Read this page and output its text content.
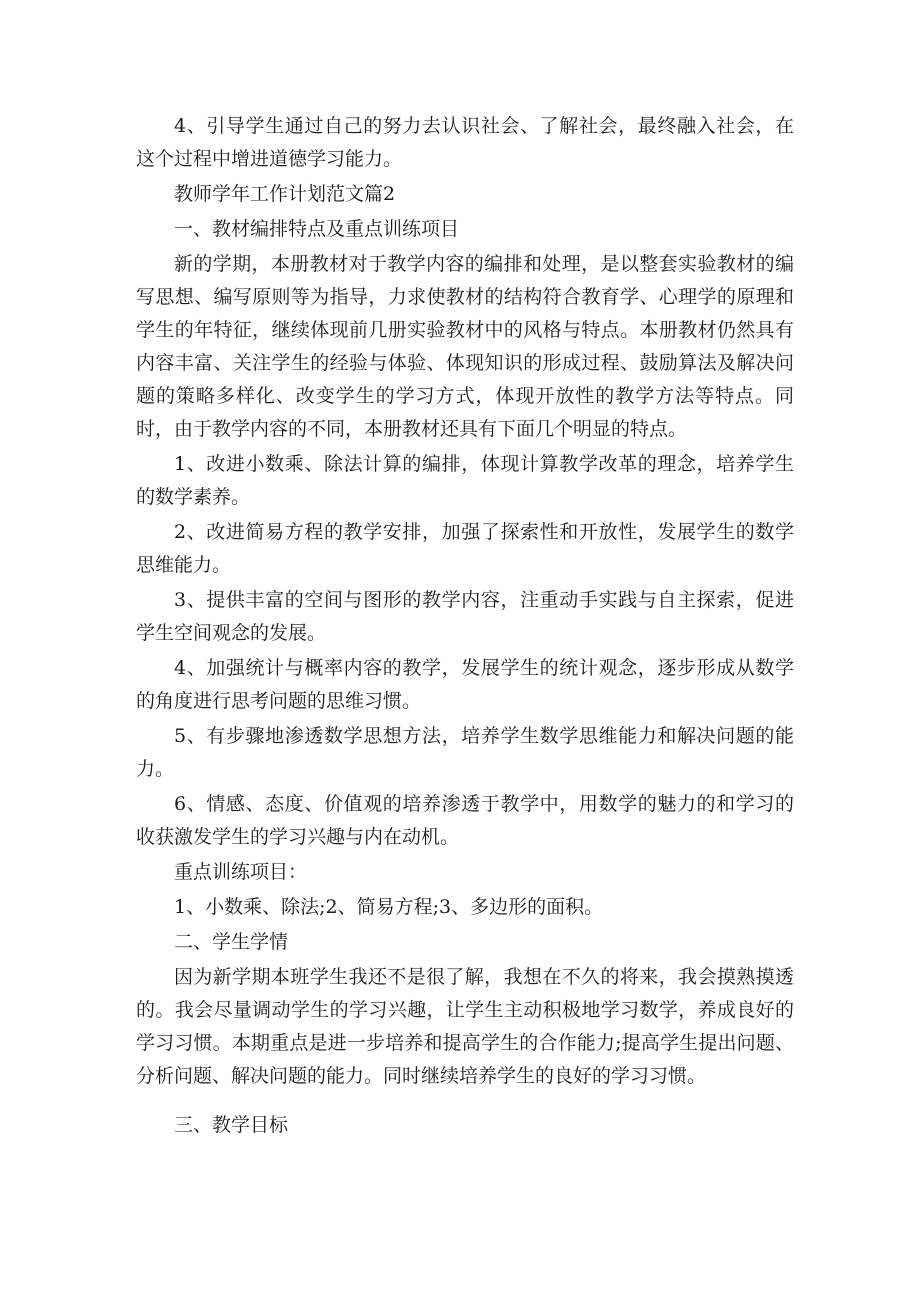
4、引导学生通过自己的努力去认识社会、了解社会，最终融入社会，在这个过程中增进道德学习能力。

教师学年工作计划范文篇2

一、教材编排特点及重点训练项目

新的学期，本册教材对于教学内容的编排和处理，是以整套实验教材的编写思想、编写原则等为指导，力求使教材的结构符合教育学、心理学的原理和学生的年特征，继续体现前几册实验教材中的风格与特点。本册教材仍然具有内容丰富、关注学生的经验与体验、体现知识的形成过程、鼓励算法及解决问题的策略多样化、改变学生的学习方式，体现开放性的教学方法等特点。同时，由于教学内容的不同，本册教材还具有下面几个明显的特点。

1、改进小数乘、除法计算的编排，体现计算教学改革的理念，培养学生的数学素养。

2、改进简易方程的教学安排，加强了探索性和开放性，发展学生的数学思维能力。

3、提供丰富的空间与图形的教学内容，注重动手实践与自主探索，促进学生空间观念的发展。

4、加强统计与概率内容的教学，发展学生的统计观念，逐步形成从数学的角度进行思考问题的思维习惯。

5、有步骤地渗透数学思想方法，培养学生数学思维能力和解决问题的能力。

6、情感、态度、价值观的培养渗透于教学中，用数学的魅力的和学习的收获激发学生的学习兴趣与内在动机。

重点训练项目：

1、小数乘、除法;2、简易方程;3、多边形的面积。

二、学生学情

因为新学期本班学生我还不是很了解，我想在不久的将来，我会摸熟摸透的。我会尽量调动学生的学习兴趣，让学生主动积极地学习数学，养成良好的学习习惯。本期重点是进一步培养和提高学生的合作能力;提高学生提出问题、分析问题、解决问题的能力。同时继续培养学生的良好的学习习惯。

三、教学目标
